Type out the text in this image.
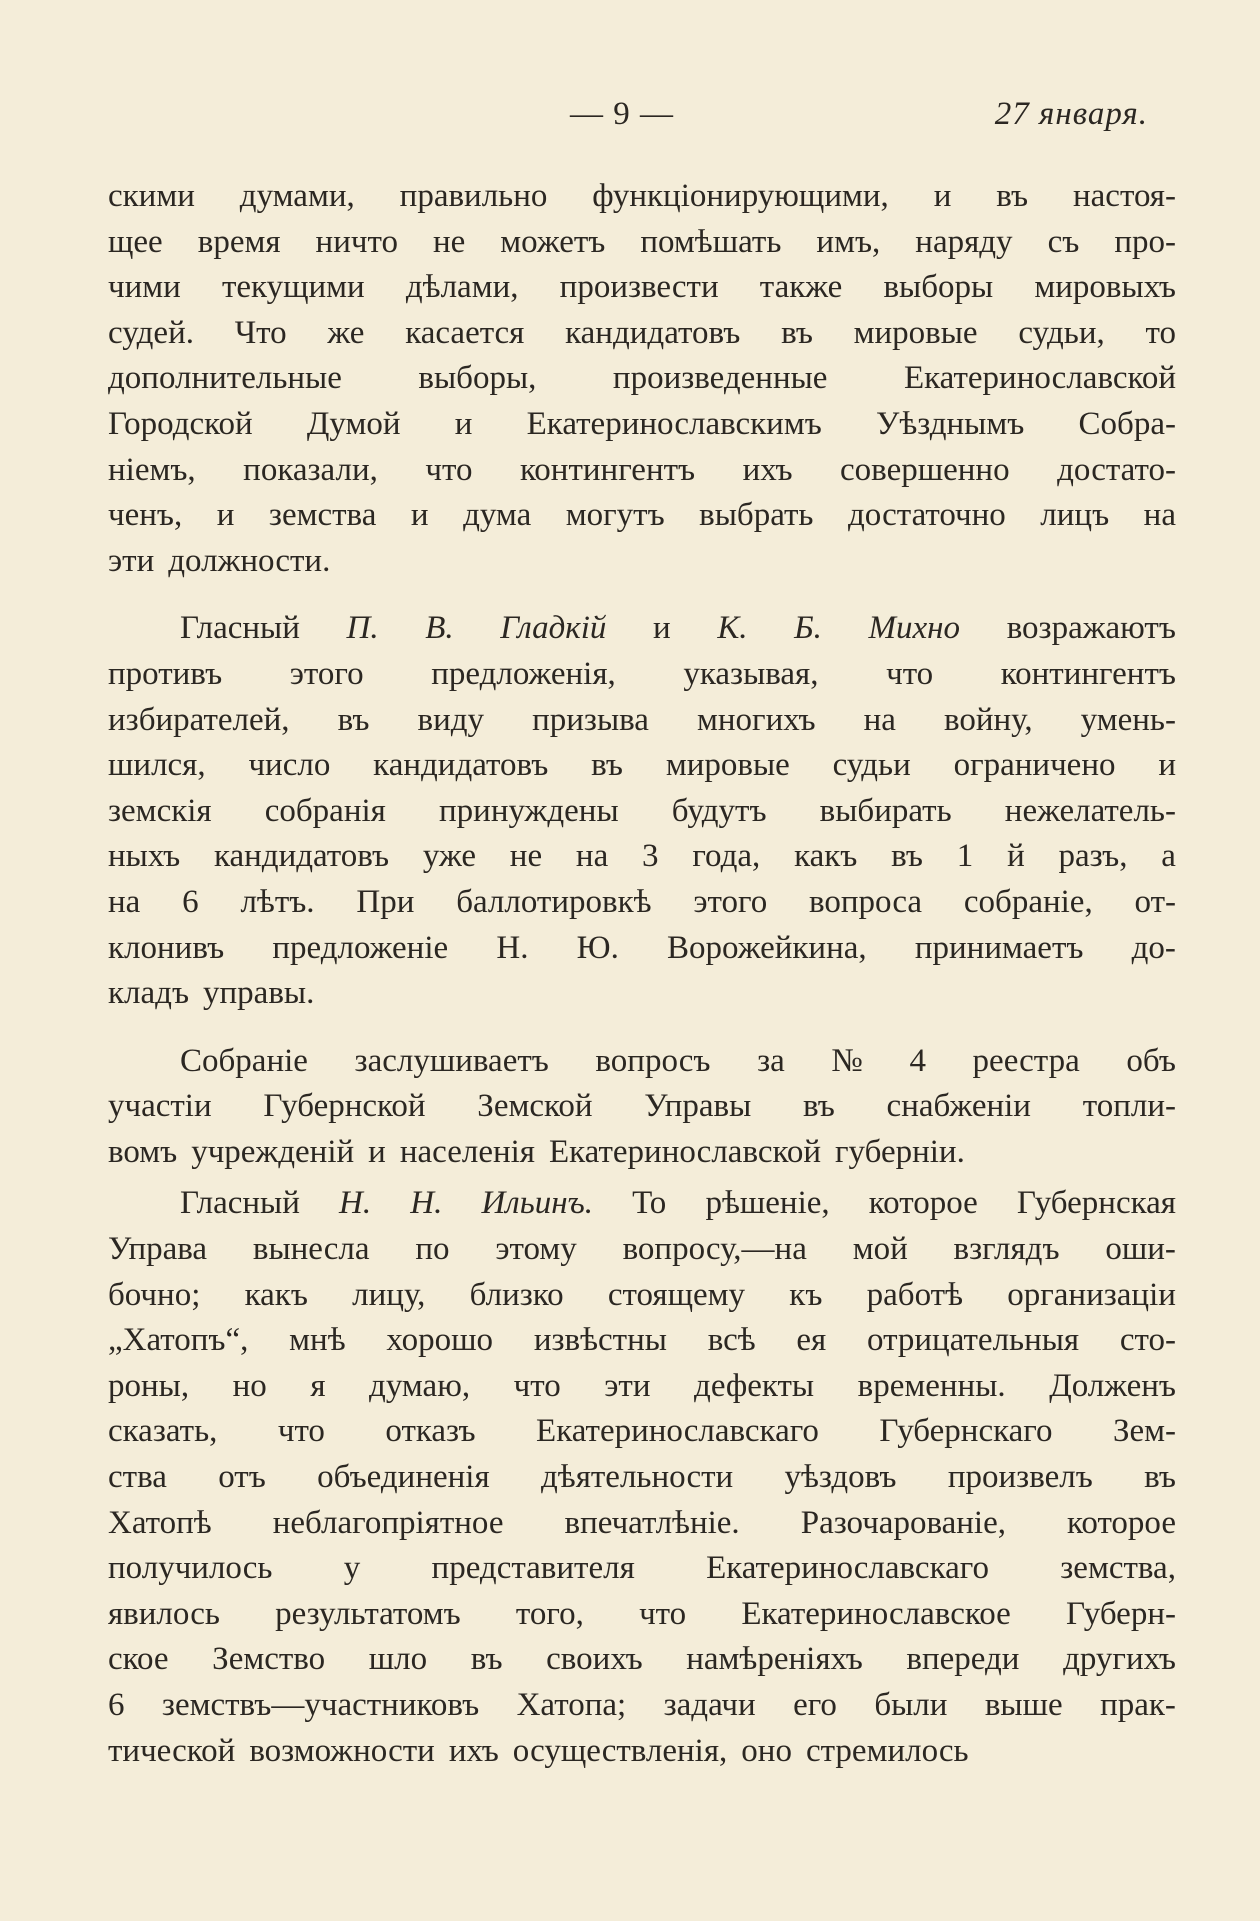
— 9 —	27 января.
скими думами, правильно функціонирующими, и въ настоя-
щее время ничто не можетъ помѣшать имъ, наряду съ про-
чими текущими дѣлами, произвести также выборы мировыхъ
судей. Что же касается кандидатовъ въ мировые судьи, то
дополнительные выборы, произведенные Екатеринославской
Городской Думой и Екатеринославскимъ Уѣзднымъ Собра-
ніемъ, показали, что контингентъ ихъ совершенно достато-
ченъ, и земства и дума могутъ выбрать достаточно лицъ на
эти должности.
Гласный П. В. Гладкій и К. Б. Михно возражаютъ
противъ этого предложенія, указывая, что контингентъ
избирателей, въ виду призыва многихъ на войну, умень-
шился, число кандидатовъ въ мировые судьи ограничено и
земскія собранія принуждены будутъ выбирать нежелатель-
ныхъ кандидатовъ уже не на 3 года, какъ въ 1 й разъ, а
на 6 лѣтъ. При баллотировкѣ этого вопроса собраніе, от-
клонивъ предложеніе Н. Ю. Ворожейкина, принимаетъ до-
кладъ управы.
Собраніе заслушиваетъ вопросъ за № 4 реестра объ
участіи Губернской Земской Управы въ снабженіи топли-
вомъ учрежденій и населенія Екатеринославской губерніи.
Гласный Н. Н. Ильинъ. То рѣшеніе, которое Губернская
Управа вынесла по этому вопросу,—на мой взглядъ оши-
бочно; какъ лицу, близко стоящему къ работѣ организаціи
„Хатопъ“, мнѣ хорошо извѣстны всѣ ея отрицательныя сто-
роны, но я думаю, что эти дефекты временны. Долженъ
сказать, что отказъ Екатеринославскаго Губернскаго Зем-
ства отъ объединенія дѣятельности уѣздовъ произвелъ въ
Хатопѣ неблагопріятное впечатлѣніе. Разочарованіе, которое
получилось у представителя Екатеринославскаго земства,
явилось результатомъ того, что Екатеринославское Губерн-
ское Земство шло въ своихъ намѣреніяхъ впереди другихъ
6 земствъ—участниковъ Хатопа; задачи его были выше прак-
тической возможности ихъ осуществленія, оно стремилось
